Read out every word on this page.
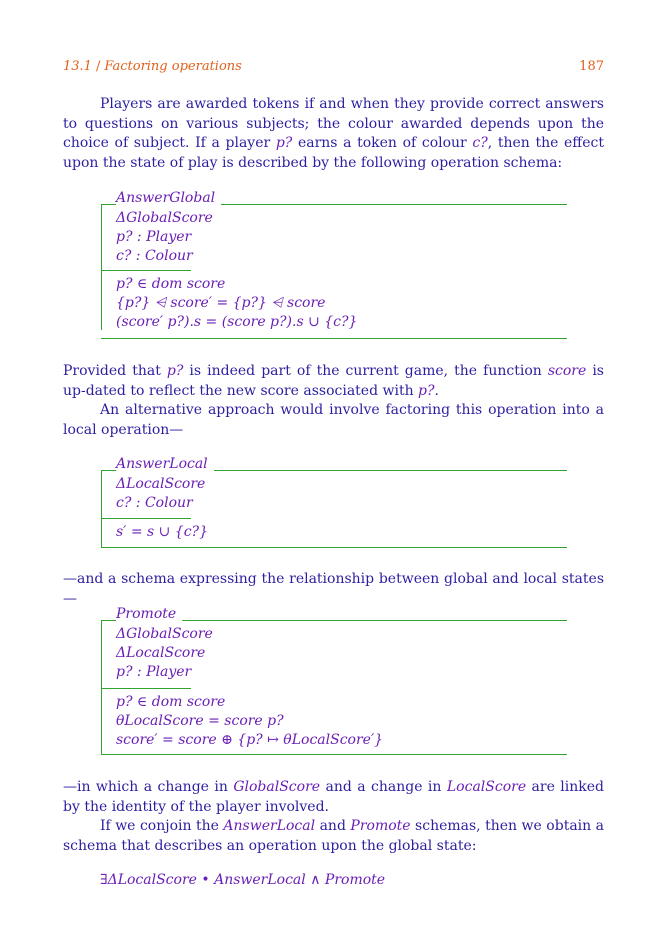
13.1 / Factoring operations	187
Players are awarded tokens if and when they provide correct answers to questions on various subjects; the colour awarded depends upon the choice of subject. If a player p? earns a token of colour c?, then the effect upon the state of play is described by the following operation schema:
AnswerGlobal
ΔGlobalScore
p? : Player
c? : Colour
p? ∈ dom score
{p?} ⩤ score′ = {p?} ⩤ score
(score′ p?).s = (score p?).s ∪ {c?}
Provided that p? is indeed part of the current game, the function score is up-dated to reflect the new score associated with p?.
An alternative approach would involve factoring this operation into a local operation—
AnswerLocal
ΔLocalScore
c? : Colour
s′ = s ∪ {c?}
—and a schema expressing the relationship between global and local states—
Promote
ΔGlobalScore
ΔLocalScore
p? : Player
p? ∈ dom score
θLocalScore = score p?
score′ = score ⊕ {p? ↦ θLocalScore′}
—in which a change in GlobalScore and a change in LocalScore are linked by the identity of the player involved.
If we conjoin the AnswerLocal and Promote schemas, then we obtain a schema that describes an operation upon the global state:
∃ΔLocalScore • AnswerLocal ∧ Promote
